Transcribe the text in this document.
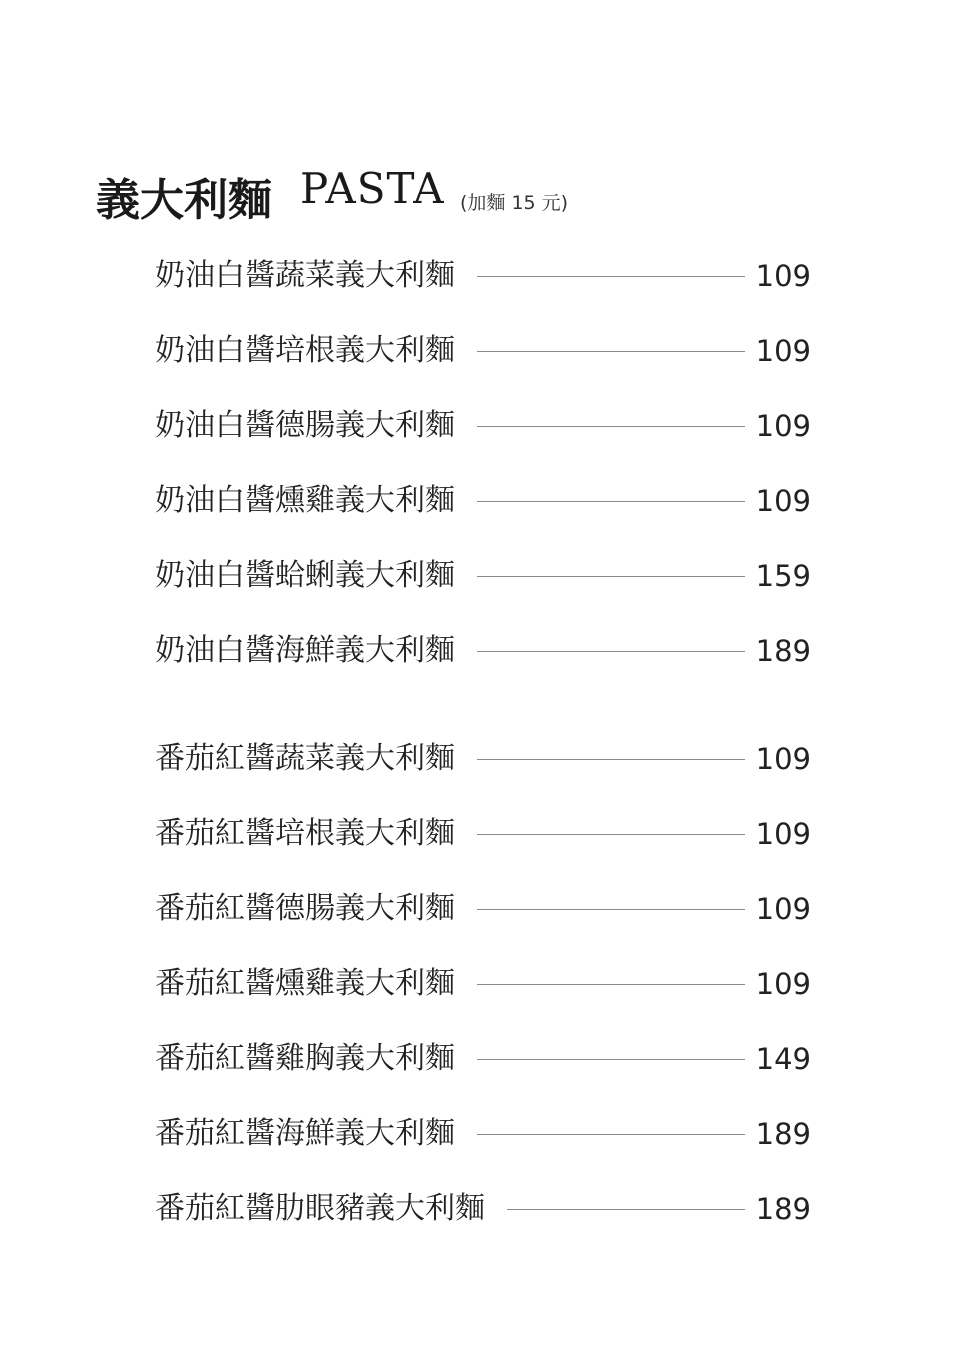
義大利麵 PASTA (加麵 15 元)
奶油白醬蔬菜義大利麵	109
奶油白醬培根義大利麵	109
奶油白醬德腸義大利麵	109
奶油白醬燻雞義大利麵	109
奶油白醬蛤蜊義大利麵	159
奶油白醬海鮮義大利麵	189
番茄紅醬蔬菜義大利麵	109
番茄紅醬培根義大利麵	109
番茄紅醬德腸義大利麵	109
番茄紅醬燻雞義大利麵	109
番茄紅醬雞胸義大利麵	149
番茄紅醬海鮮義大利麵	189
番茄紅醬肋眼豬義大利麵	189
